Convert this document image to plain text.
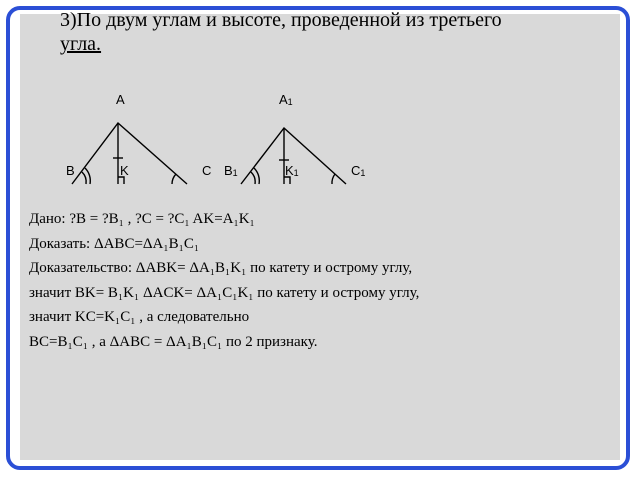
3)По двум углам и высоте, проведенной из третьего
угла.
A
B	K	C
A1
B1	K1	C1
Дано: ?B = ?B₁ , ?C = ?C₁ AK=A₁K₁
Доказать: ΔABC=ΔA₁B₁C₁
Доказательство: ΔABK= ΔA₁B₁K₁ по катету и острому углу,
значит BK= B₁K₁ ΔACK= ΔA₁C₁K₁ по катету и острому углу,
значит KC=K₁C₁ , а следовательно
BC=B₁C₁ , а ΔABC = ΔA₁B₁C₁ по 2 признаку.
